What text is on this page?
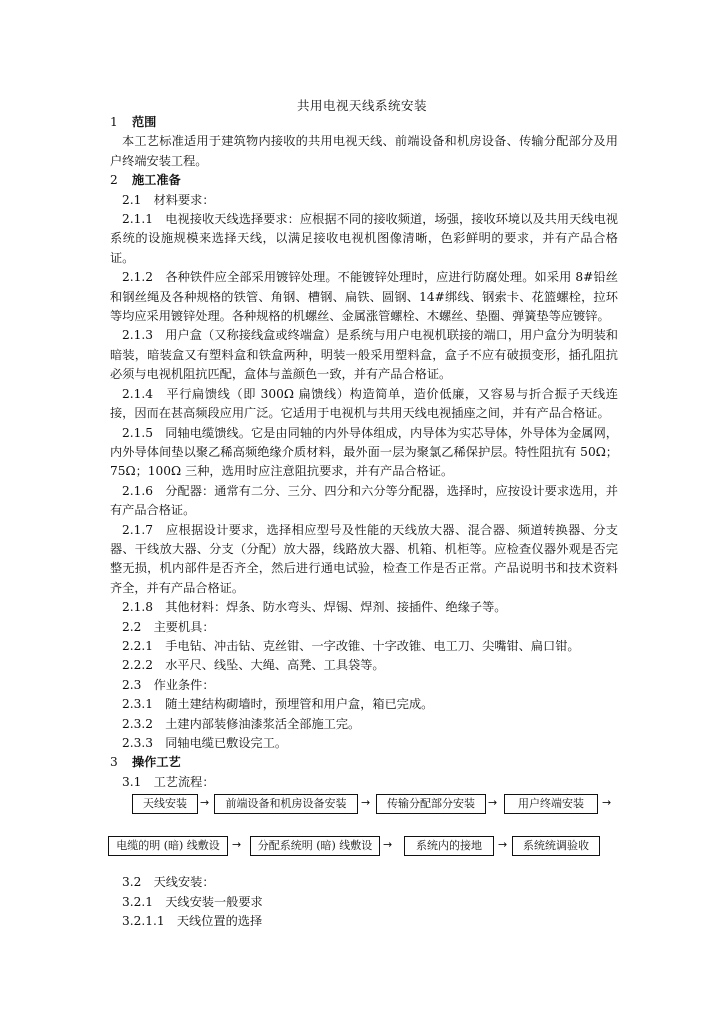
共用电视天线系统安装

1 范围

本工艺标准适用于建筑物内接收的共用电视天线、前端设备和机房设备、传输分配部分及用户终端安装工程。

2 施工准备

2.1　材料要求：

2.1.1　电视接收天线选择要求：应根据不同的接收频道，场强，接收环境以及共用天线电视系统的设施规模来选择天线，以满足接收电视机图像清晰，色彩鲜明的要求，并有产品合格证。

2.1.2　各种铁件应全部采用镀锌处理。不能镀锌处理时，应进行防腐处理。如采用 8#铅丝和钢丝绳及各种规格的铁管、角钢、槽钢、扁铁、圆钢、14#绑线、钢索卡、花篮螺栓，拉环等均应采用镀锌处理。各种规格的机螺丝、金属涨管螺栓、木螺丝、垫圈、弹簧垫等应镀锌。

2.1.3　用户盒（又称接线盒或终端盒）是系统与用户电视机联接的端口，用户盒分为明装和暗装，暗装盒又有塑料盒和铁盒两种，明装一般采用塑料盒，盒子不应有破损变形，插孔阻抗必须与电视机阻抗匹配，盒体与盖颜色一致，并有产品合格证。

2.1.4　平行扁馈线（即 300Ω 扁馈线）构造简单，造价低廉，又容易与折合振子天线连接，因而在甚高频段应用广泛。它适用于电视机与共用天线电视插座之间，并有产品合格证。

2.1.5　同轴电缆馈线。它是由同轴的内外导体组成，内导体为实芯导体，外导体为金属网，内外导体间垫以聚乙稀高频绝缘介质材料，最外面一层为聚氯乙稀保护层。特性阻抗有 50Ω；75Ω；100Ω 三种，选用时应注意阻抗要求，并有产品合格证。

2.1.6　分配器：通常有二分、三分、四分和六分等分配器，选择时，应按设计要求选用，并有产品合格证。

2.1.7　应根据设计要求，选择相应型号及性能的天线放大器、混合器、频道转换器、分支器、干线放大器、分支（分配）放大器，线路放大器、机箱、机柜等。应检查仪器外观是否完整无损，机内部件是否齐全，然后进行通电试验，检查工作是否正常。产品说明书和技术资料齐全，并有产品合格证。

2.1.8　其他材料：焊条、防水弯头、焊锡、焊剂、接插件、绝缘子等。

2.2　主要机具：

2.2.1　手电钻、冲击钻、克丝钳、一字改锥、十字改锥、电工刀、尖嘴钳、扁口钳。

2.2.2　水平尺、线坠、大绳、高凳、工具袋等。

2.3　作业条件：

2.3.1　随土建结构砌墙时，预埋管和用户盒，箱已完成。

2.3.2　土建内部装修油漆浆活全部施工完。

2.3.3　同轴电缆已敷设完工。

3 操作工艺

3.1　工艺流程：

天线安装	→	前端设备和机房设备安装	→	传输分配部分安装	→	用户终端安装	→
电缆的明 (暗) 线敷设	→	分配系统明 (暗) 线敷设 →	系统内的接地	→	系统统调验收

3.2　天线安装：

3.2.1　天线安装一般要求

3.2.1.1　天线位置的选择
